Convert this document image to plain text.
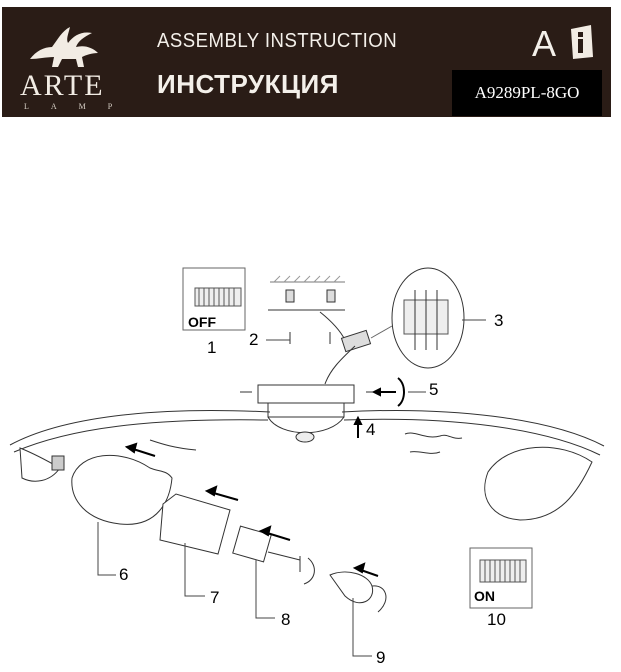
ARTE
LAMP
ASSEMBLY INSTRUCTION
ИНСТРУКЦИЯ
A
A9289PL-8GO
OFF
ON
1 2
3
4
5
6
7
8
9
10
